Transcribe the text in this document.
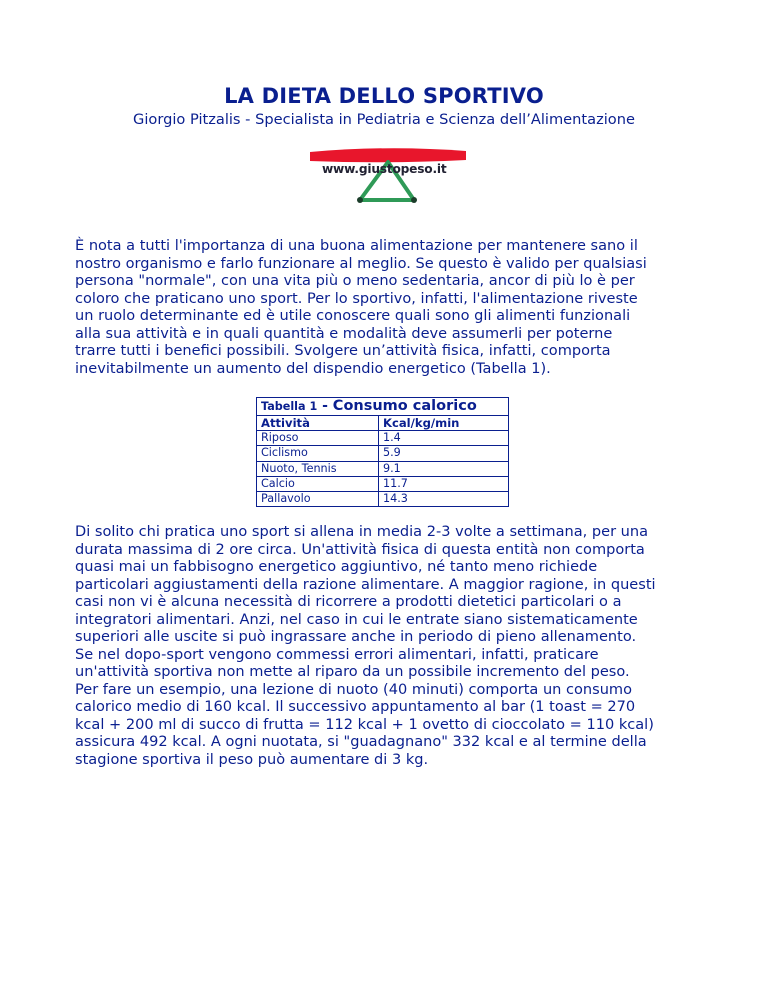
LA DIETA DELLO SPORTIVO
Giorgio Pitzalis - Specialista in Pediatria e Scienza dell’Alimentazione
www.giustopeso.it
È nota a tutti l'importanza di una buona alimentazione per mantenere sano il
nostro organismo e farlo funzionare al meglio. Se questo è valido per qualsiasi
persona "normale", con una vita più o meno sedentaria, ancor di più lo è per
coloro che praticano uno sport. Per lo sportivo, infatti, l'alimentazione riveste
un ruolo determinante ed è utile conoscere quali sono gli alimenti funzionali
alla sua attività e in quali quantità e modalità deve assumerli per poterne
trarre tutti i benefici possibili. Svolgere un’attività fisica, infatti, comporta
inevitabilmente un aumento del dispendio energetico (Tabella 1).
Tabella 1 - Consumo calorico	
Attività	Kcal/kg/min
Riposo	1.4
Ciclismo	5.9
Nuoto, Tennis	9.1
Calcio	11.7
Pallavolo	14.3
Di solito chi pratica uno sport si allena in media 2-3 volte a settimana, per una
durata massima di 2 ore circa. Un'attività fisica di questa entità non comporta
quasi mai un fabbisogno energetico aggiuntivo, né tanto meno richiede
particolari aggiustamenti della razione alimentare. A maggior ragione, in questi
casi non vi è alcuna necessità di ricorrere a prodotti dietetici particolari o a
integratori alimentari. Anzi, nel caso in cui le entrate siano sistematicamente
superiori alle uscite si può ingrassare anche in periodo di pieno allenamento.
Se nel dopo-sport vengono commessi errori alimentari, infatti, praticare
un'attività sportiva non mette al riparo da un possibile incremento del peso.
Per fare un esempio, una lezione di nuoto (40 minuti) comporta un consumo
calorico medio di 160 kcal. Il successivo appuntamento al bar (1 toast = 270
kcal + 200 ml di succo di frutta = 112 kcal + 1 ovetto di cioccolato = 110 kcal)
assicura 492 kcal. A ogni nuotata, si "guadagnano" 332 kcal e al termine della
stagione sportiva il peso può aumentare di 3 kg.
